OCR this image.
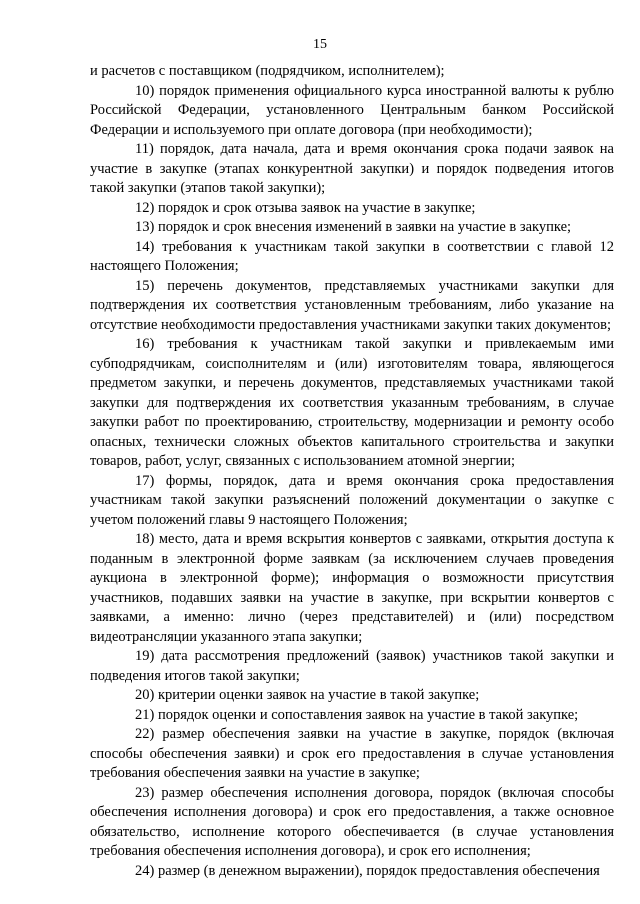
15

и расчетов с поставщиком (подрядчиком, исполнителем);

10) порядок применения официального курса иностранной валюты к рублю Российской Федерации, установленного Центральным банком Российской Федерации и используемого при оплате договора (при необходимости);

11) порядок, дата начала, дата и время окончания срока подачи заявок на участие в закупке (этапах конкурентной закупки) и порядок подведения итогов такой закупки (этапов такой закупки);

12) порядок и срок отзыва заявок на участие в закупке;

13) порядок и срок внесения изменений в заявки на участие в закупке;

14) требования к участникам такой закупки в соответствии с главой 12 настоящего Положения;

15) перечень документов, представляемых участниками закупки для подтверждения их соответствия установленным требованиям, либо указание на отсутствие необходимости предоставления участниками закупки таких документов;

16) требования к участникам такой закупки и привлекаемым ими субподрядчикам, соисполнителям и (или) изготовителям товара, являющегося предметом закупки, и перечень документов, представляемых участниками такой закупки для подтверждения их соответствия указанным требованиям, в случае закупки работ по проектированию, строительству, модернизации и ремонту особо опасных, технически сложных объектов капитального строительства и закупки товаров, работ, услуг, связанных с использованием атомной энергии;

17) формы, порядок, дата и время окончания срока предоставления участникам такой закупки разъяснений положений документации о закупке с учетом положений главы 9 настоящего Положения;

18) место, дата и время вскрытия конвертов с заявками, открытия доступа к поданным в электронной форме заявкам (за исключением случаев проведения аукциона в электронной форме); информация о возможности присутствия участников, подавших заявки на участие в закупке, при вскрытии конвертов с заявками, а именно: лично (через представителей) и (или) посредством видеотрансляции указанного этапа закупки;

19) дата рассмотрения предложений (заявок) участников такой закупки и подведения итогов такой закупки;

20) критерии оценки заявок на участие в такой закупке;

21) порядок оценки и сопоставления заявок на участие в такой закупке;

22) размер обеспечения заявки на участие в закупке, порядок (включая способы обеспечения заявки) и срок его предоставления в случае установления требования обеспечения заявки на участие в закупке;

23) размер обеспечения исполнения договора, порядок (включая способы обеспечения исполнения договора) и срок его предоставления, а также основное обязательство, исполнение которого обеспечивается (в случае установления требования обеспечения исполнения договора), и срок его исполнения;

24) размер (в денежном выражении), порядок предоставления обеспечения
